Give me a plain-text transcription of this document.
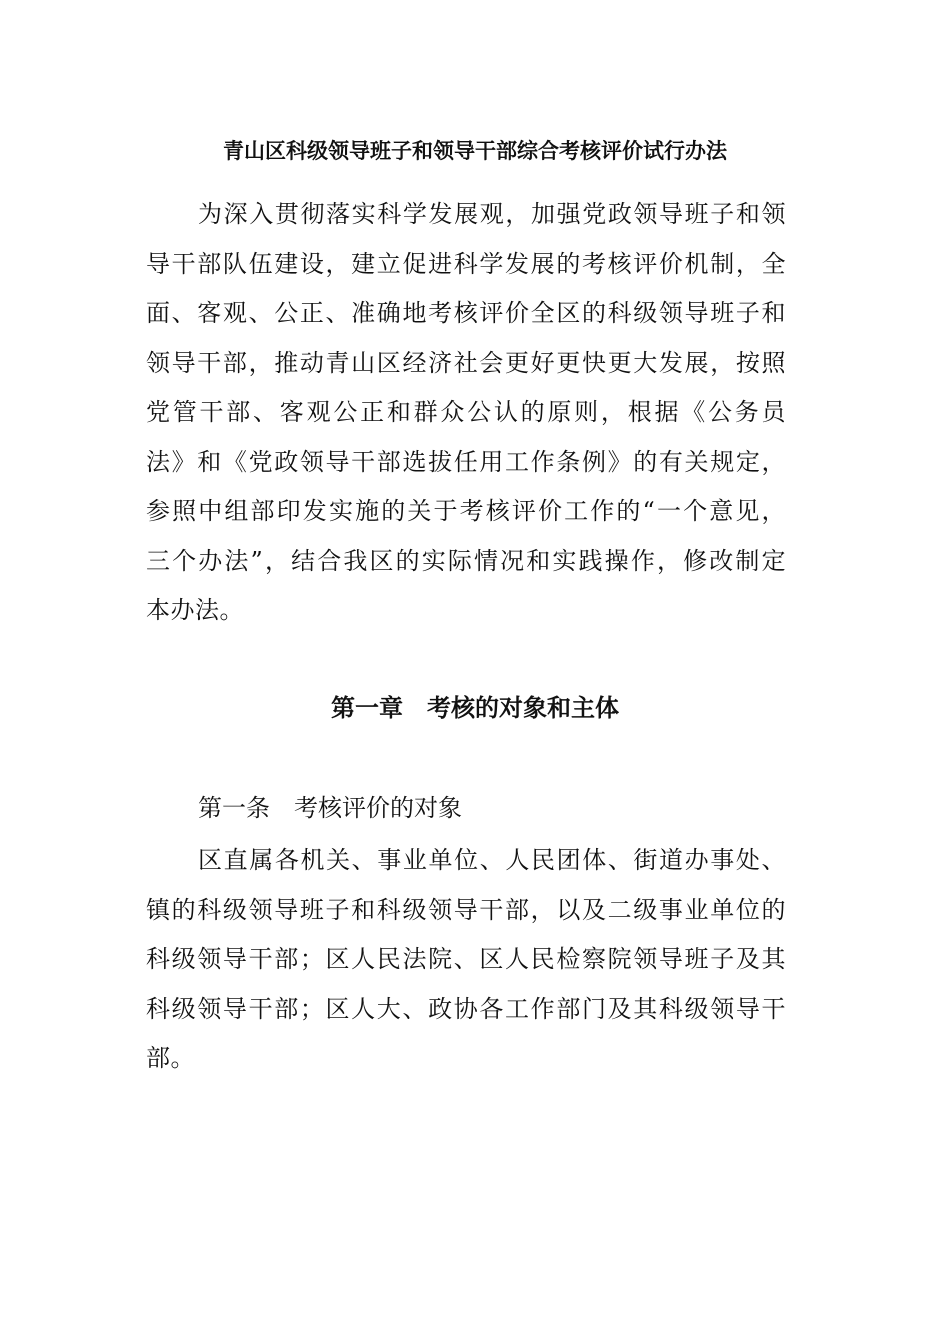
青山区科级领导班子和领导干部综合考核评价试行办法
为深入贯彻落实科学发展观，加强党政领导班子和领
导干部队伍建设，建立促进科学发展的考核评价机制，全
面、客观、公正、准确地考核评价全区的科级领导班子和
领导干部，推动青山区经济社会更好更快更大发展，按照
党管干部、客观公正和群众公认的原则，根据《公务员
法》和《党政领导干部选拔任用工作条例》的有关规定，
参照中组部印发实施的关于考核评价工作的“一个意见，
三个办法”，结合我区的实际情况和实践操作，修改制定
本办法。
第一章　考核的对象和主体
第一条　考核评价的对象
区直属各机关、事业单位、人民团体、街道办事处、
镇的科级领导班子和科级领导干部，以及二级事业单位的
科级领导干部；区人民法院、区人民检察院领导班子及其
科级领导干部；区人大、政协各工作部门及其科级领导干
部。
